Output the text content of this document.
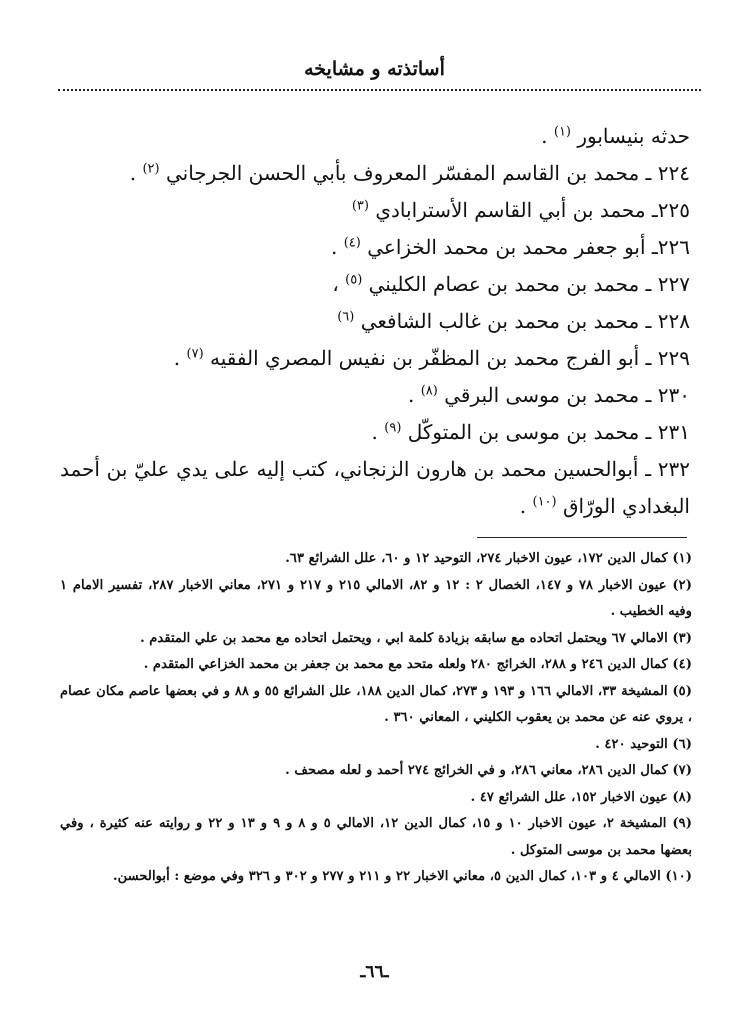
أساتذته و مشايخه
حدثه بنيسابور $^{(١)}$ .
٢٢٤ ـ محمد بن القاسم المفسّر المعروف بأبي الحسن الجرجاني $^{(٢)}$ .
٢٢٥ـ محمد بن أبي القاسم الأسترابادي $^{(٣)}$
٢٢٦ـ أبو جعفر محمد بن محمد الخزاعي $^{(٤)}$ .
٢٢٧ ـ محمد بن محمد بن عصام الكليني $^{(٥)}$ ،
٢٢٨ ـ محمد بن محمد بن غالب الشافعي $^{(٦)}$
٢٢٩ ـ أبو الفرج محمد بن المظفّر بن نفيس المصري الفقيه $^{(٧)}$ .
٢٣٠ ـ محمد بن موسى البرقي $^{(٨)}$ .
٢٣١ ـ محمد بن موسى بن المتوكّل $^{(٩)}$ .
٢٣٢ ـ أبوالحسين محمد بن هارون الزنجاني، كتب إليه على يدي عليّ بن أحمد
البغدادي الورّاق $^{(١٠)}$ .

(١) كمال الدين ١٧٢، عيون الاخبار ٢٧٤، التوحيد ١٢ و ٦٠، علل الشرائع ٦٣.

(٢) عيون الاخبار ٧٨ و ١٤٧، الخصال ٢ : ١٢ و ٨٢، الامالي ٢١٥ و ٢١٧ و ٢٧١، معاني الاخبار ٢٨٧، تفسير الامام ١ وفيه الخطيب .

(٣) الامالي ٦٧ ويحتمل اتحاده مع سابقه بزيادة كلمة ابي ، ويحتمل اتحاده مع محمد بن علي المتقدم .

(٤) كمال الدين ٢٤٦ و ٢٨٨، الخرائج ٢٨٠ ولعله متحد مع محمد بن جعفر بن محمد الخزاعي المتقدم .

(٥) المشيخة ٣٣، الامالي ١٦٦ و ١٩٣ و ٢٧٣، كمال الدين ١٨٨، علل الشرائع ٥٥ و ٨٨ و في بعضها عاصم مكان عصام ، يروي عنه عن محمد بن يعقوب الكليني ، المعاني ٣٦٠ .

(٦) التوحيد ٤٢٠ .

(٧) كمال الدين ٢٨٦، معاني ٢٨٦، و في الخرائج ٢٧٤ أحمد و لعله مصحف .

(٨) عيون الاخبار ١٥٢، علل الشرائع ٤٧ .

(٩) المشيخة ٢، عيون الاخبار ١٠ و ١٥، كمال الدين ١٢، الامالي ٥ و ٨ و ٩ و ١٣ و ٢٢ و روايته عنه كثيرة ، وفي بعضها محمد بن موسى المتوكل .

(١٠) الامالي ٤ و ١٠٣، كمال الدين ٥، معاني الاخبار ٢٢ و ٢١١ و ٢٧٧ و ٣٠٢ و ٣٢٦ وفي موضع : أبوالحسن.

ـ٦٦ـ
